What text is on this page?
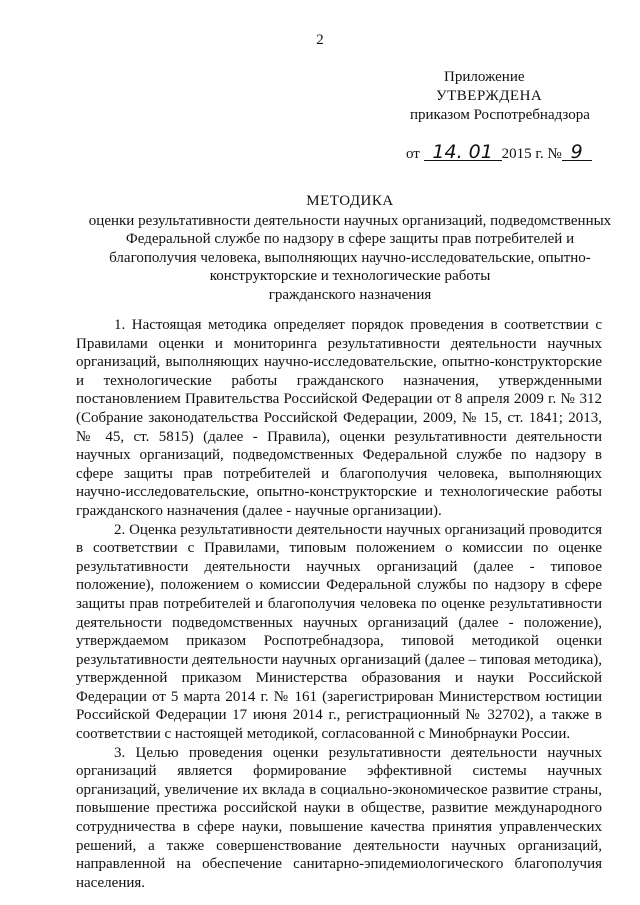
2
Приложение
УТВЕРЖДЕНА
приказом Роспотребнадзора
от 14. 01 2015 г. № 9
МЕТОДИКА
оценки результативности деятельности научных организаций, подведомственных
Федеральной службе по надзору в сфере защиты прав потребителей и
благополучия человека, выполняющих научно-исследовательские, опытно-
конструкторские и технологические работы
гражданского назначения

1. Настоящая методика определяет порядок проведения в соответствии с Правилами оценки и мониторинга результативности деятельности научных организаций, выполняющих научно-исследовательские, опытно-конструкторские и технологические работы гражданского назначения, утвержденными постановлением Правительства Российской Федерации от 8 апреля 2009 г. № 312 (Собрание законодательства Российской Федерации, 2009, № 15, ст. 1841; 2013, № 45, ст. 5815) (далее - Правила), оценки результативности деятельности научных организаций, подведомственных Федеральной службе по надзору в сфере защиты прав потребителей и благополучия человека, выполняющих научно-исследовательские, опытно-конструкторские и технологические работы гражданского назначения (далее - научные организации).

2. Оценка результативности деятельности научных организаций проводится в соответствии с Правилами, типовым положением о комиссии по оценке результативности деятельности научных организаций (далее - типовое положение), положением о комиссии Федеральной службы по надзору в сфере защиты прав потребителей и благополучия человека по оценке результативности деятельности подведомственных научных организаций (далее - положение), утверждаемом приказом Роспотребнадзора, типовой методикой оценки результативности деятельности научных организаций (далее – типовая методика), утвержденной приказом Министерства образования и науки Российской Федерации от 5 марта 2014 г. № 161 (зарегистрирован Министерством юстиции Российской Федерации 17 июня 2014 г., регистрационный № 32702), а также в соответствии с настоящей методикой, согласованной с Минобрнауки России.

3. Целью проведения оценки результативности деятельности научных организаций является формирование эффективной системы научных организаций, увеличение их вклада в социально-экономическое развитие страны, повышение престижа российской науки в обществе, развитие международного сотрудничества в сфере науки, повышение качества принятия управленческих решений, а также совершенствование деятельности научных организаций, направленной на обеспечение санитарно-эпидемиологического благополучия населения.
